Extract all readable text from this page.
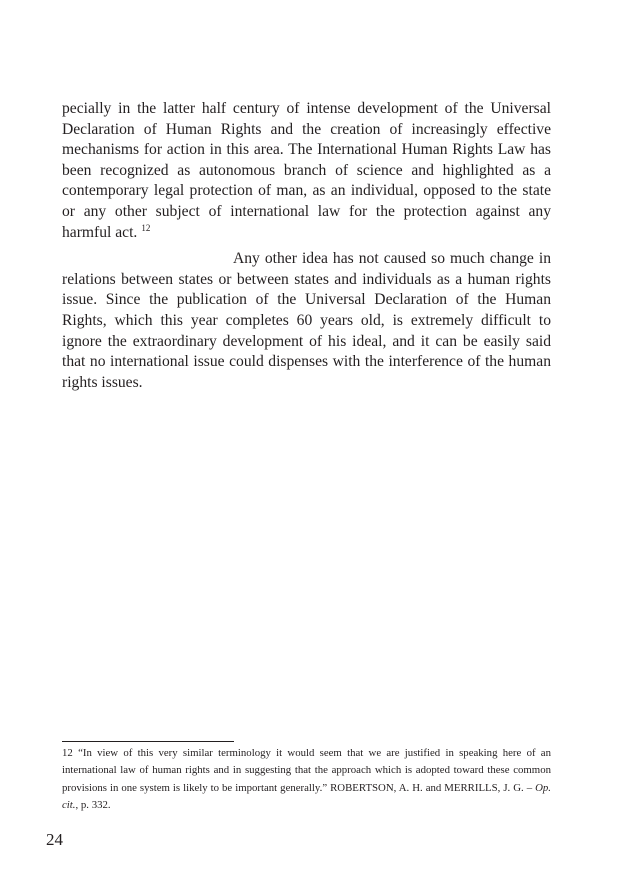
pecially in the latter half century of intense development of the Universal Declaration of Human Rights and the creation of increasingly effective mechanisms for action in this area. The International Human Rights Law has been recognized as autonomous branch of science and highlighted as a contemporary legal protection of man, as an individual, opposed to the state or any other subject of international law for the protection against any harmful act. $^{12}$

Any other idea has not caused so much change in relations between states or between states and individuals as a human rights issue. Since the publication of the Universal Declaration of the Human Rights, which this year completes 60 years old, is extremely difficult to ignore the extraordinary development of his ideal, and it can be easily said that no international issue could dispenses with the interference of the human rights issues.

12 “In view of this very similar terminology it would seem that we are justified in speaking here of an international law of human rights and in suggesting that the approach which is adopted toward these common provisions in one system is likely to be important generally.” ROBERTSON, A. H. and MERRILLS, J. G. – Op. cit., p. 332.
24
